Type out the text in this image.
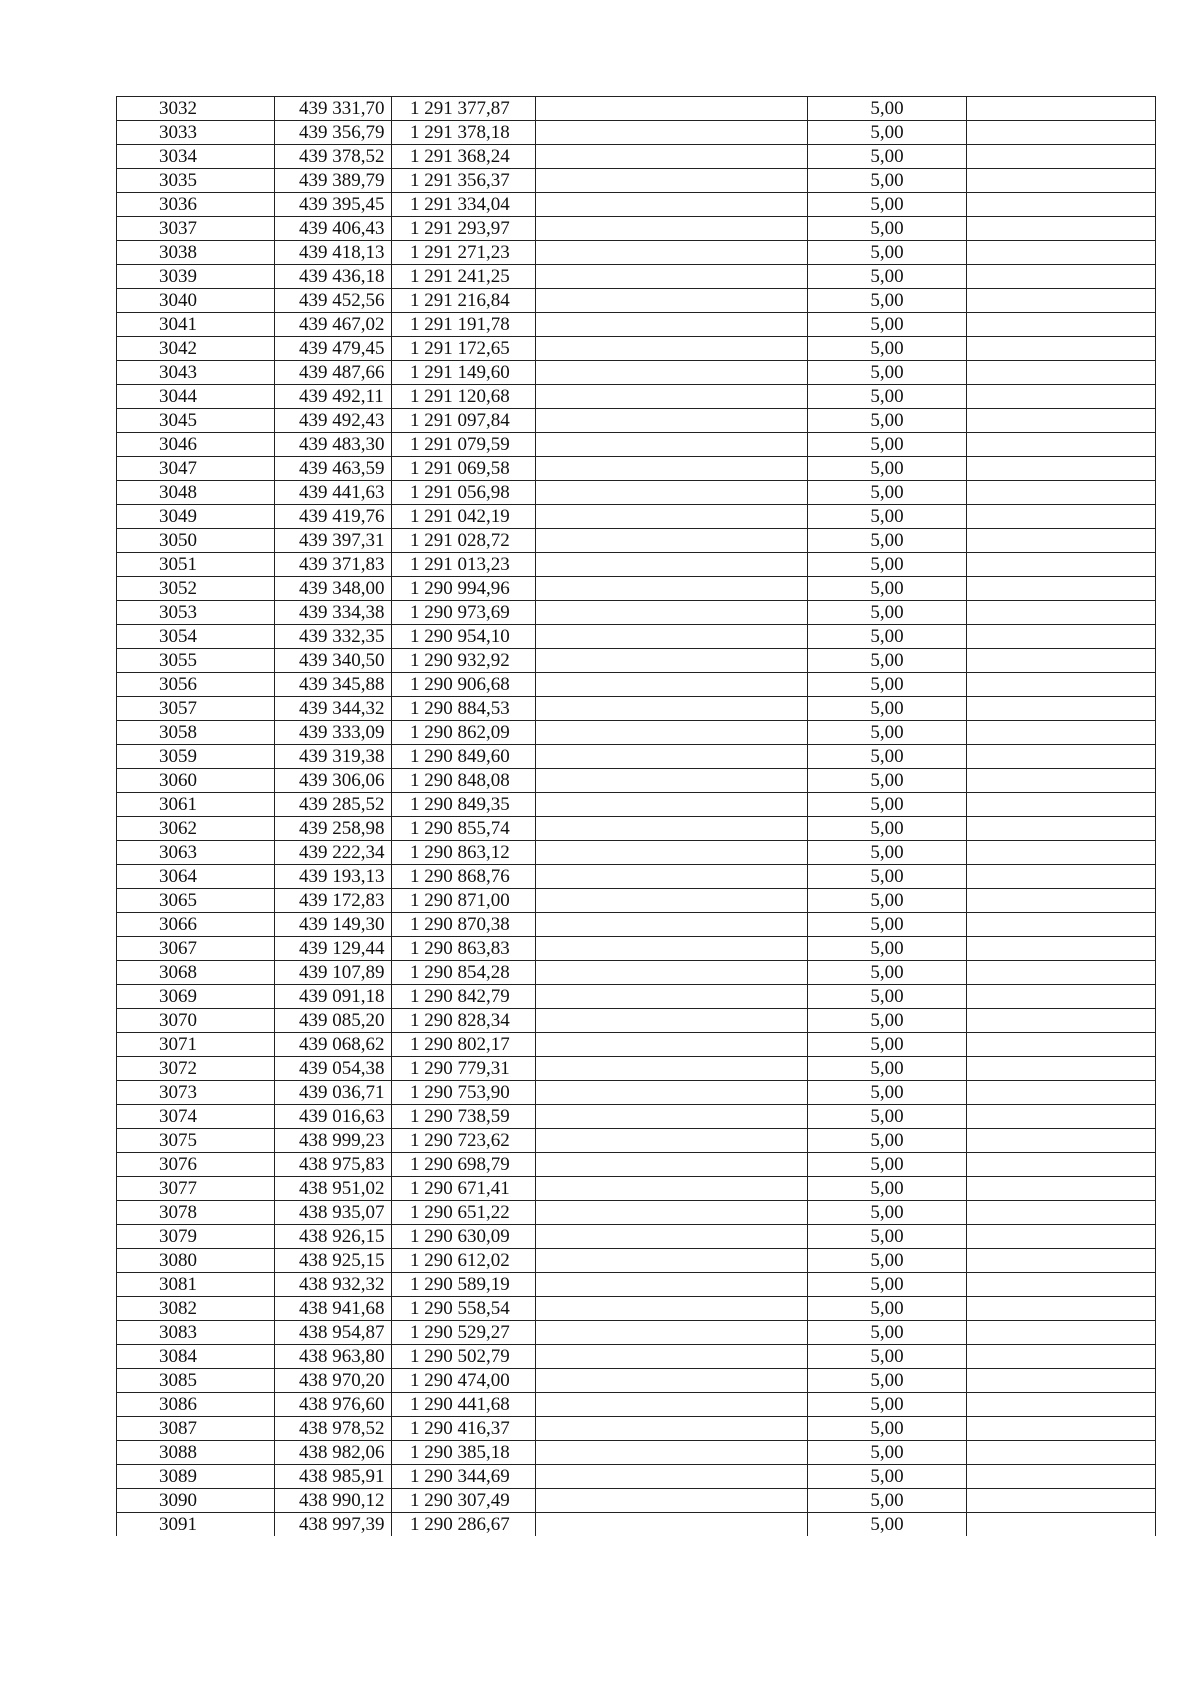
3032	439 331,70	1 291 377,87		5,00	
3033	439 356,79	1 291 378,18		5,00	
3034	439 378,52	1 291 368,24		5,00	
3035	439 389,79	1 291 356,37		5,00	
3036	439 395,45	1 291 334,04		5,00	
3037	439 406,43	1 291 293,97		5,00	
3038	439 418,13	1 291 271,23		5,00	
3039	439 436,18	1 291 241,25		5,00	
3040	439 452,56	1 291 216,84		5,00	
3041	439 467,02	1 291 191,78		5,00	
3042	439 479,45	1 291 172,65		5,00	
3043	439 487,66	1 291 149,60		5,00	
3044	439 492,11	1 291 120,68		5,00	
3045	439 492,43	1 291 097,84		5,00	
3046	439 483,30	1 291 079,59		5,00	
3047	439 463,59	1 291 069,58		5,00	
3048	439 441,63	1 291 056,98		5,00	
3049	439 419,76	1 291 042,19		5,00	
3050	439 397,31	1 291 028,72		5,00	
3051	439 371,83	1 291 013,23		5,00	
3052	439 348,00	1 290 994,96		5,00	
3053	439 334,38	1 290 973,69		5,00	
3054	439 332,35	1 290 954,10		5,00	
3055	439 340,50	1 290 932,92		5,00	
3056	439 345,88	1 290 906,68		5,00	
3057	439 344,32	1 290 884,53		5,00	
3058	439 333,09	1 290 862,09		5,00	
3059	439 319,38	1 290 849,60		5,00	
3060	439 306,06	1 290 848,08		5,00	
3061	439 285,52	1 290 849,35		5,00	
3062	439 258,98	1 290 855,74		5,00	
3063	439 222,34	1 290 863,12		5,00	
3064	439 193,13	1 290 868,76		5,00	
3065	439 172,83	1 290 871,00		5,00	
3066	439 149,30	1 290 870,38		5,00	
3067	439 129,44	1 290 863,83		5,00	
3068	439 107,89	1 290 854,28		5,00	
3069	439 091,18	1 290 842,79		5,00	
3070	439 085,20	1 290 828,34		5,00	
3071	439 068,62	1 290 802,17		5,00	
3072	439 054,38	1 290 779,31		5,00	
3073	439 036,71	1 290 753,90		5,00	
3074	439 016,63	1 290 738,59		5,00	
3075	438 999,23	1 290 723,62		5,00	
3076	438 975,83	1 290 698,79		5,00	
3077	438 951,02	1 290 671,41		5,00	
3078	438 935,07	1 290 651,22		5,00	
3079	438 926,15	1 290 630,09		5,00	
3080	438 925,15	1 290 612,02		5,00	
3081	438 932,32	1 290 589,19		5,00	
3082	438 941,68	1 290 558,54		5,00	
3083	438 954,87	1 290 529,27		5,00	
3084	438 963,80	1 290 502,79		5,00	
3085	438 970,20	1 290 474,00		5,00	
3086	438 976,60	1 290 441,68		5,00	
3087	438 978,52	1 290 416,37		5,00	
3088	438 982,06	1 290 385,18		5,00	
3089	438 985,91	1 290 344,69		5,00	
3090	438 990,12	1 290 307,49		5,00	
3091	438 997,39	1 290 286,67		5,00	
